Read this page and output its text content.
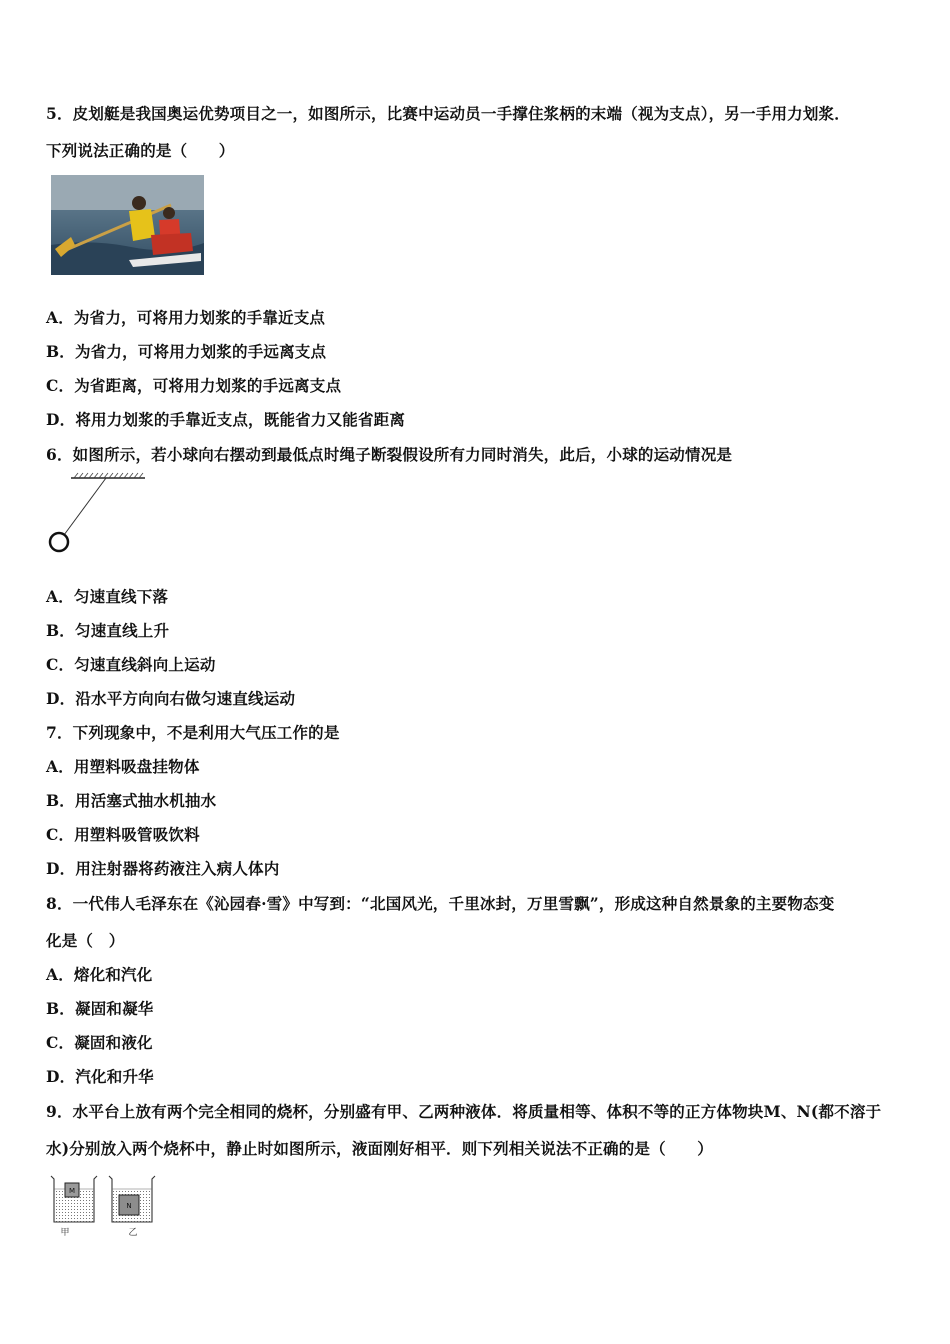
5．皮划艇是我国奥运优势项目之一，如图所示，比赛中运动员一手撑住浆柄的末端（视为支点），另一手用力划浆．
下列说法正确的是（　　）
A．为省力，可将用力划浆的手靠近支点
B．为省力，可将用力划浆的手远离支点
C．为省距离，可将用力划浆的手远离支点
D．将用力划浆的手靠近支点，既能省力又能省距离
6．如图所示，若小球向右摆动到最低点时绳子断裂假设所有力同时消失，此后，小球的运动情况是
A．匀速直线下落
B．匀速直线上升
C．匀速直线斜向上运动
D．沿水平方向向右做匀速直线运动
7．下列现象中，不是利用大气压工作的是
A．用塑料吸盘挂物体
B．用活塞式抽水机抽水
C．用塑料吸管吸饮料
D．用注射器将药液注入病人体内
8．一代伟人毛泽东在《沁园春·雪》中写到：“北国风光，千里冰封，万里雪飘”，形成这种自然景象的主要物态变
化是（　）
A．熔化和汽化
B．凝固和凝华
C．凝固和液化
D．汽化和升华
9．水平台上放有两个完全相同的烧杯，分别盛有甲、乙两种液体．将质量相等、体积不等的正方体物块M、N(都不溶于
水)分别放入两个烧杯中，静止时如图所示，液面刚好相平．则下列相关说法不正确的是（　　）
M
甲
N
乙
